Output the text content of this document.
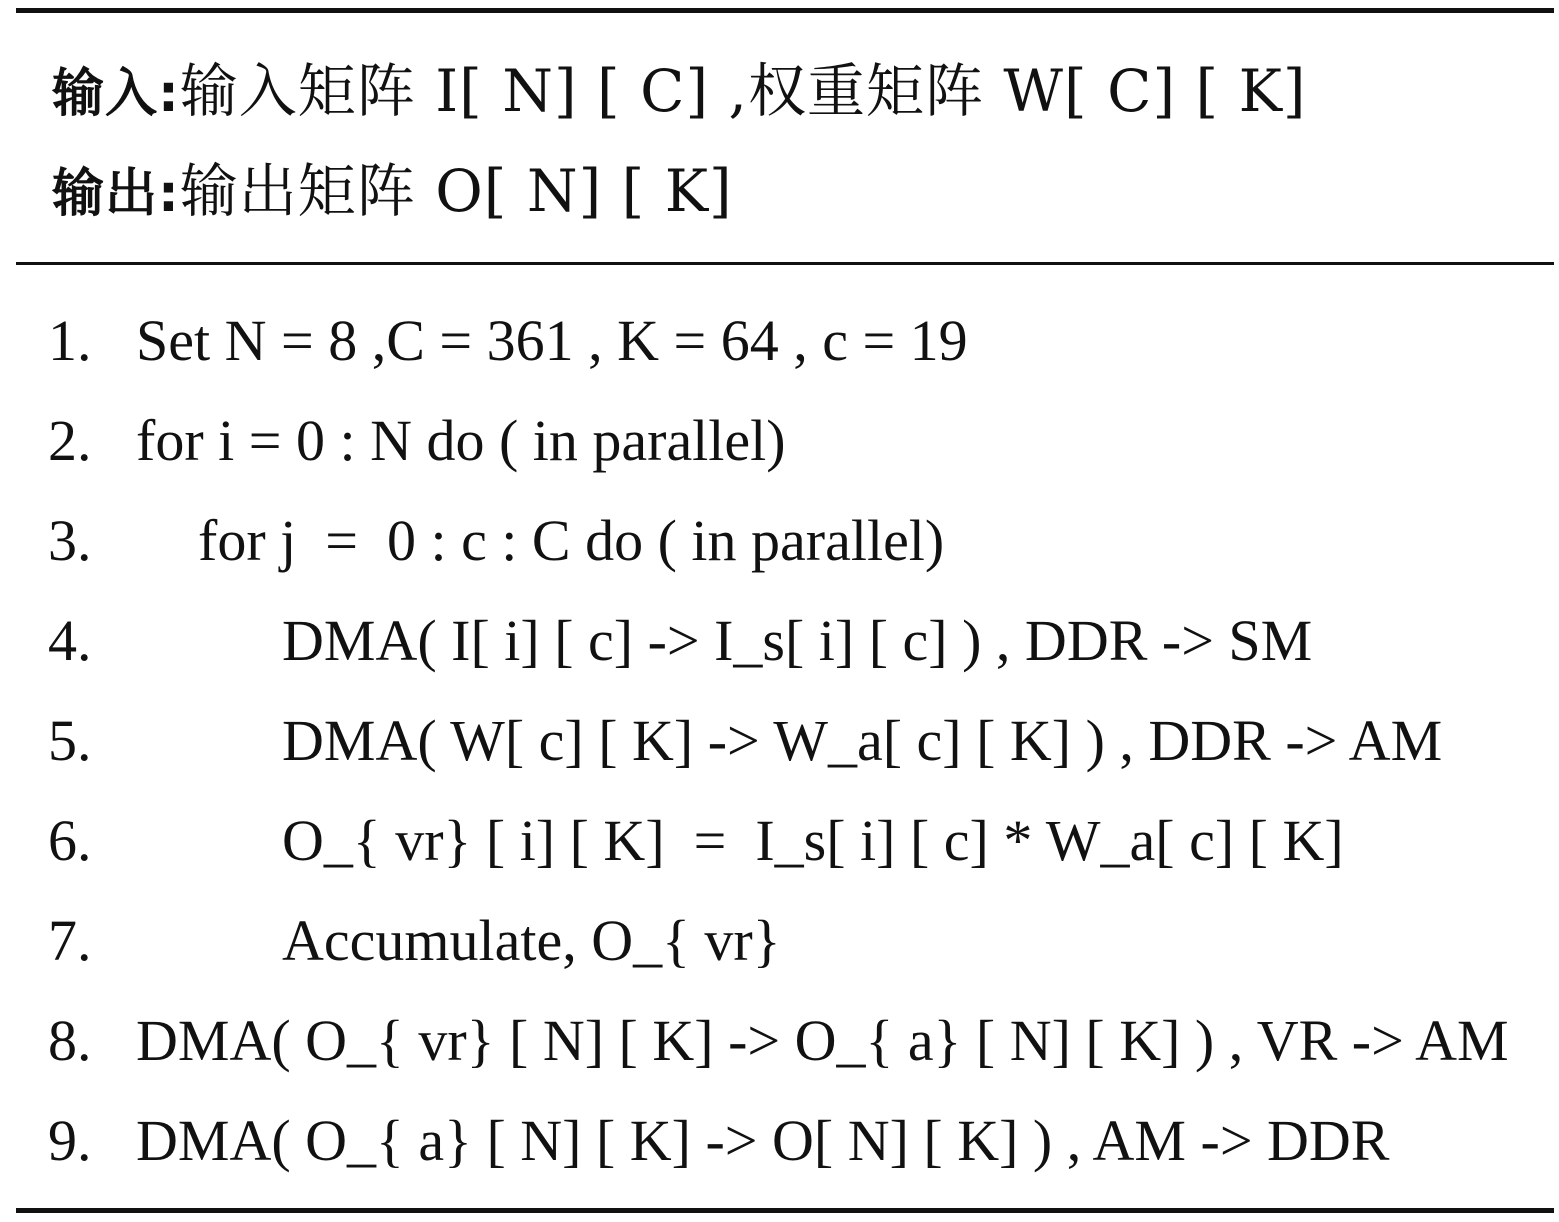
输入:输入矩阵 I[ N] [ C] ,权重矩阵 W[ C] [ K]
输出:输出矩阵 O[ N] [ K]
1. Set N = 8 ,C = 361 , K = 64 , c = 19
2. for i = 0 : N do ( in parallel)
3. for j  =  0 : c : C do ( in parallel)
4.	DMA( I[ i] [ c] -> I_s[ i] [ c] ) , DDR -> SM
5.	DMA( W[ c] [ K] -> W_a[ c] [ K] ) , DDR -> AM
6.	O_{ vr} [ i] [ K]  =  I_s[ i] [ c] * W_a[ c] [ K]
7.	Accumulate, O_{ vr}
8. DMA( O_{ vr} [ N] [ K] -> O_{ a} [ N] [ K] ) , VR -> AM
9. DMA( O_{ a} [ N] [ K] -> O[ N] [ K] ) , AM -> DDR
